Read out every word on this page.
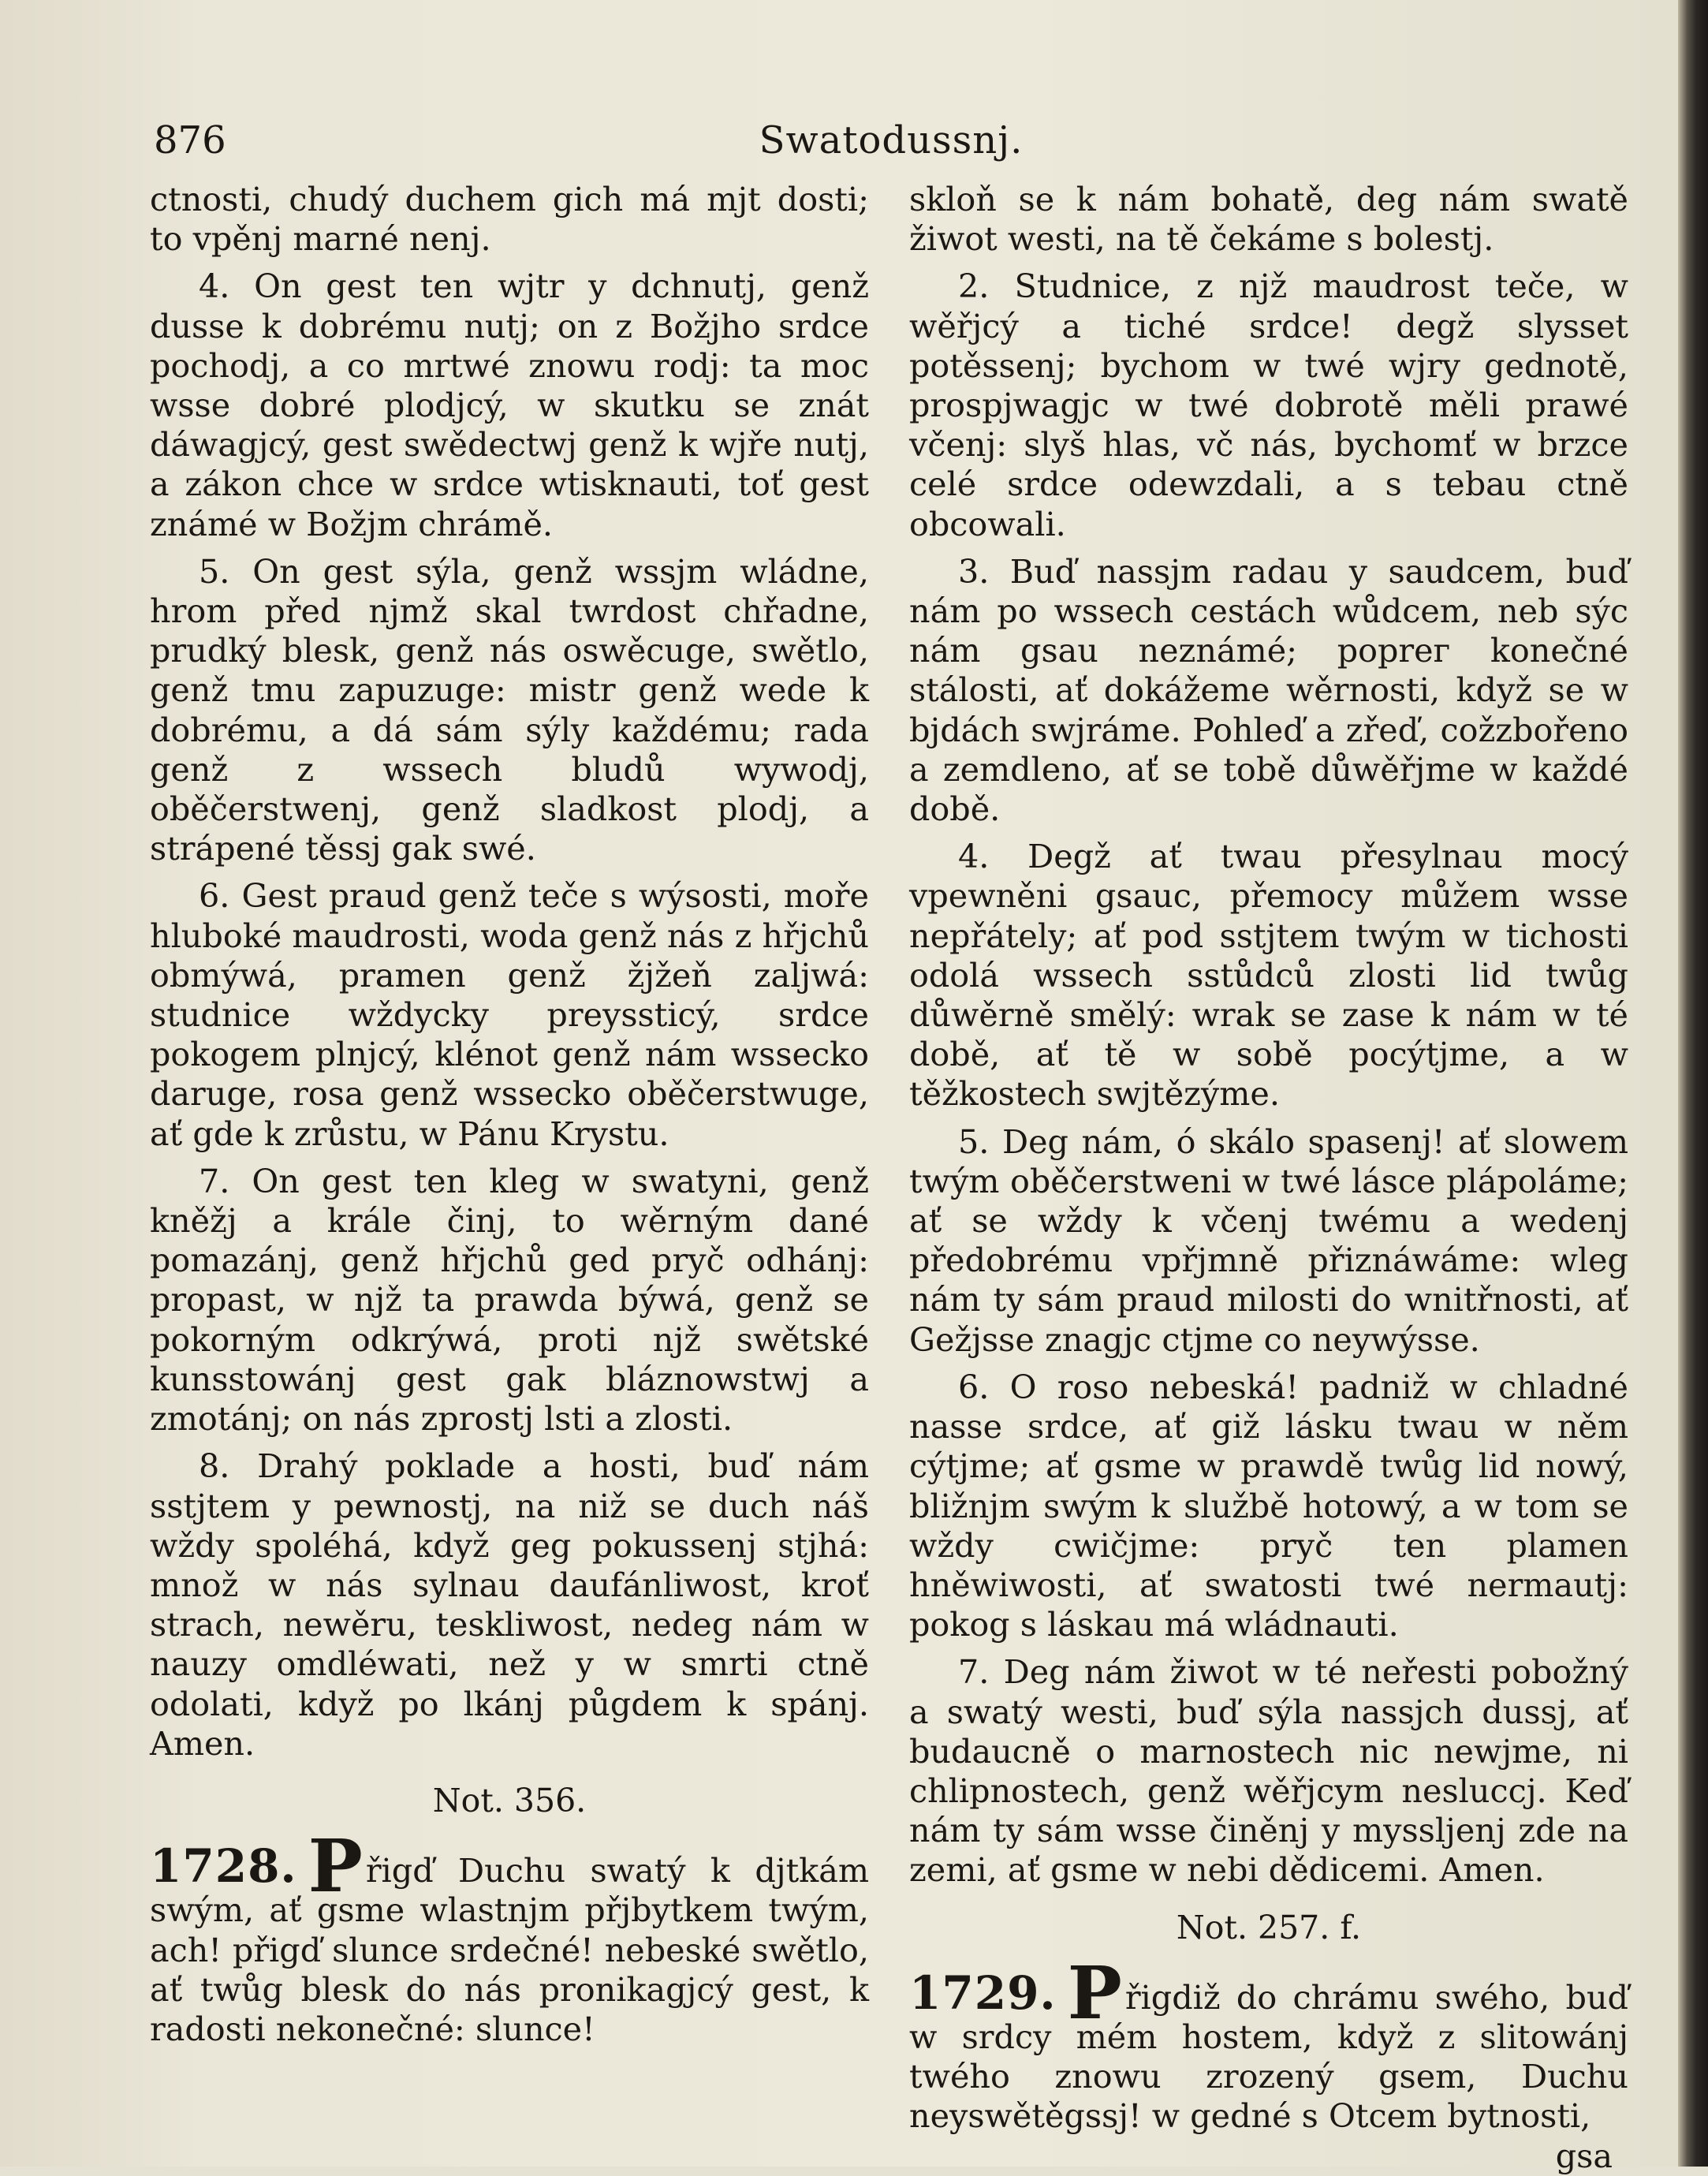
876	Swatodussnj.

ctnosti, chudý duchem gich má mjt dosti; to vpěnj marné nenj.

4. On gest ten wjtr y dchnutj, genž dusse k dobrému nutj; on z Božjho srdce pochodj, a co mrtwé znowu rodj: ta moc wsse dobré plodjcý, w skutku se znát dáwagjcý, gest swědectwj genž k wjře nutj, a zákon chce w srdce wtisknauti, toť gest známé w Božjm chrámě.

5. On gest sýla, genž wssjm wládne, hrom před njmž skal twrdost chřadne, prudký blesk, genž nás oswěcuge, swětlo, genž tmu zapuzuge: mistr genž wede k dobrému, a dá sám sýly každému; rada genž z wssech bludů wywodj, oběčerstwenj, genž sladkost plodj, a strápené těssj gak swé.

6. Gest praud genž teče s wýsosti, moře hluboké maudrosti, woda genž nás z hřjchů obmýwá, pramen genž žjžeň zaljwá: studnice wždycky preyssticý, srdce pokogem plnjcý, klénot genž nám wssecko daruge, rosa genž wssecko oběčerstwuge, ať gde k zrůstu, w Pánu Krystu.

7. On gest ten kleg w swatyni, genž kněžj a krále činj, to wěrným dané pomazánj, genž hřjchů ged pryč odhánj: propast, w njž ta prawda býwá, genž se pokorným odkrýwá, proti njž swětské kunsstowánj gest gak bláznowstwj a zmotánj; on nás zprostj lsti a zlosti.

8. Drahý poklade a hosti, buď nám sstjtem y pewnostj, na niž se duch náš wždy spoléhá, když geg pokussenj stjhá: množ w nás sylnau daufánliwost, kroť strach, newěru, teskliwost, nedeg nám w nauzy omdléwati, než y w smrti ctně odolati, když po lkánj půgdem k spánj. Amen.

Not. 356.

1728. Přigď Duchu swatý k djtkám swým, ať gsme wlastnjm přjbytkem twým, ach! přigď slunce srdečné! nebeské swětlo, ať twůg blesk do nás pronikagjcý gest, k radosti nekonečné: slunce!

skloň se k nám bohatě, deg nám swatě žiwot westi, na tě čekáme s bolestj.

2. Studnice, z njž maudrost teče, w wěřjcý a tiché srdce! degž slysset potěssenj; bychom w twé wjry gednotě, prospjwagjc w twé dobrotě měli prawé včenj: slyš hlas, vč nás, bychomť w brzce celé srdce odewzdali, a s tebau ctně obcowali.

3. Buď nassjm radau y saudcem, buď nám po wssech cestách wůdcem, neb sýc nám gsau neznámé; poprег konečné stálosti, ať dokážeme wěrnosti, když se w bjdách swjráme. Pohleď a zřeď, cožzbořeno a zemdleno, ať se tobě důwěřjme w každé době.

4. Degž ať twau přesylnau mocý vpewněni gsauc, přemocy můžem wsse nepřátely; ať pod sstjtem twým w tichosti odolá wssech sstůdců zlosti lid twůg důwěrně smělý: wrak se zase k nám w té době, ať tě w sobě pocýtjme, a w těžkostech swjtězýme.

5. Deg nám, ó skálo spasenj! ať slowem twým oběčerstweni w twé lásce plápoláme; ať se wždy k včenj twému a wedenj předobrému vpřjmně přiznáwáme: wleg nám ty sám praud milosti do wnitřnosti, ať Gežjsse znagjc ctjme co neywýsse.

6. O roso nebeská! padniž w chladné nasse srdce, ať giž lásku twau w něm cýtjme; ať gsme w prawdě twůg lid nowý, bližnjm swým k službě hotowý, a w tom se wždy cwičjme: pryč ten plamen hněwiwosti, ať swatosti twé nermautj: pokog s láskau má wládnauti.

7. Deg nám žiwot w té neřesti pobožný a swatý westi, buď sýla nassjch dussj, ať budaucně o marnostech nic newjme, ni chlipnostech, genž wěřjcym nesluссj. Keď nám ty sám wsse činěnj y myssljenj zde na zemi, ať gsme w nebi dědicemi. Amen.

Not. 257. f.

1729. Přigdiž do chrámu swého, buď w srdcy mém hostem, když z slitowánj twého znowu zrozený gsem, Duchu neyswětěgssj! w gedné s Otcem bytnosti,

gsa
